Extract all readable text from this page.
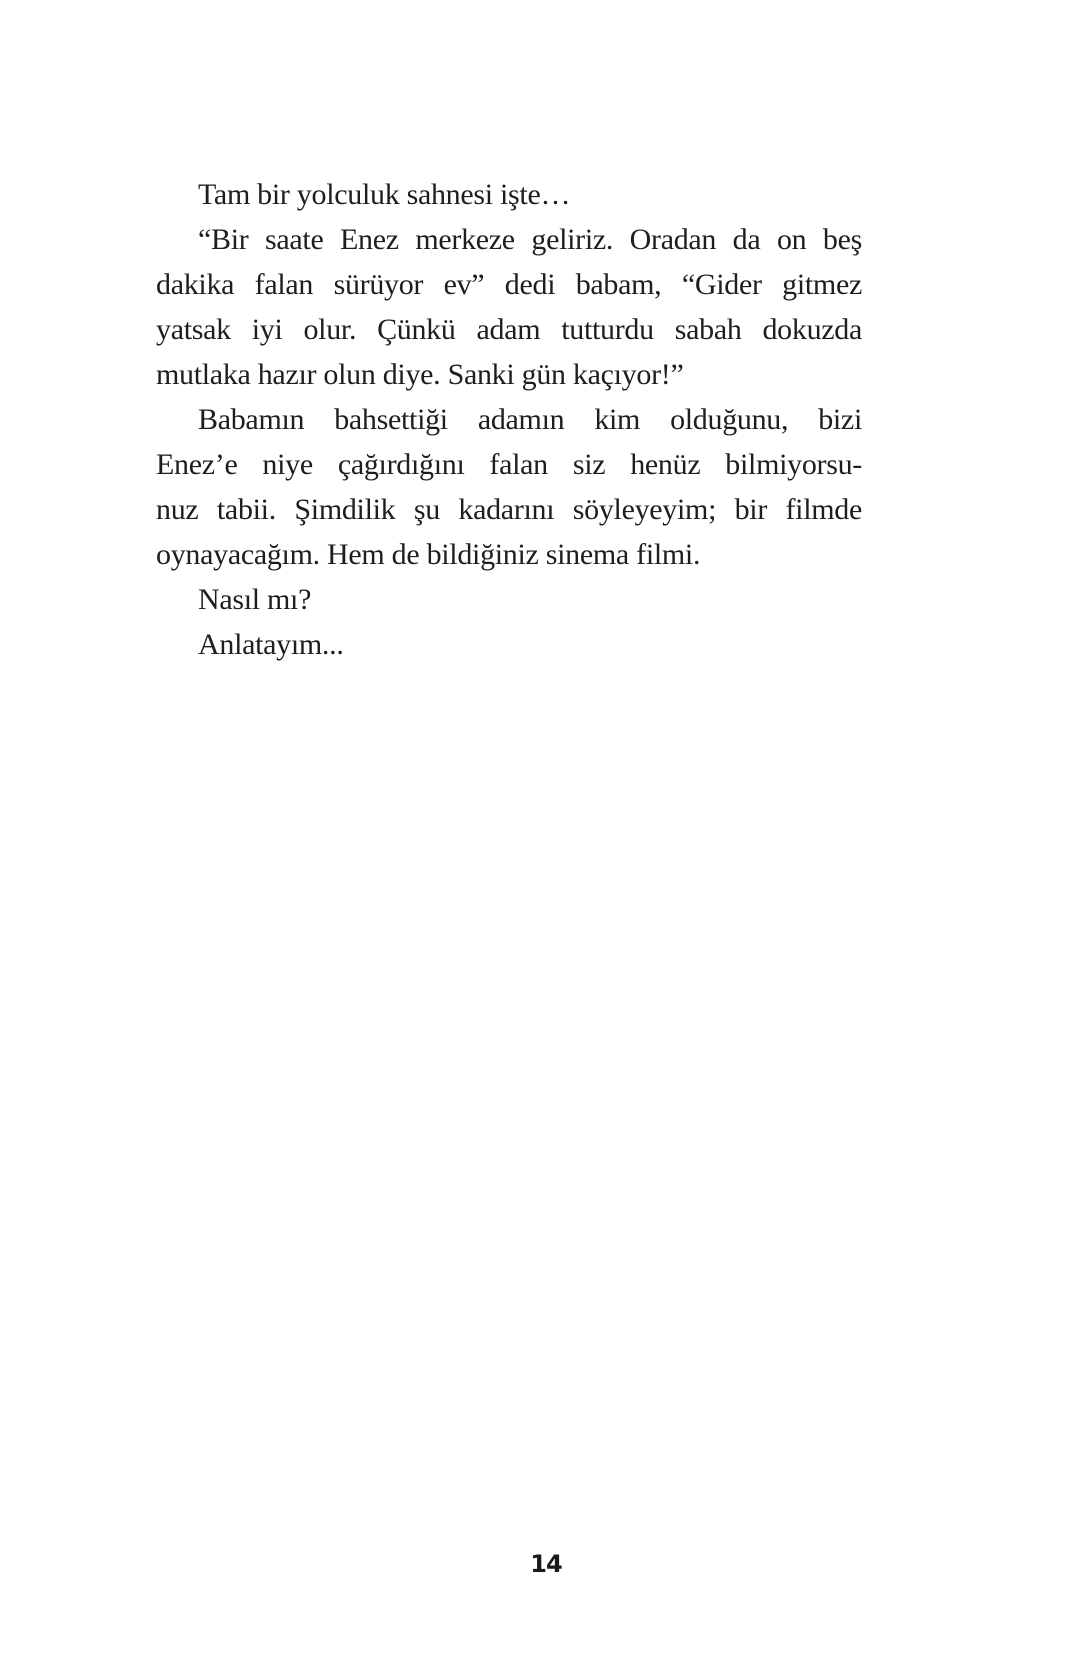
Tam bir yolculuk sahnesi işte…
“Bir saate Enez merkeze geliriz. Oradan da on beş
dakika falan sürüyor ev” dedi babam, “Gider gitmez
yatsak iyi olur. Çünkü adam tutturdu sabah dokuzda
mutlaka hazır olun diye. Sanki gün kaçıyor!”
Babamın bahsettiği adamın kim olduğunu, bizi
Enez’e niye çağırdığını falan siz henüz bilmiyorsu-
nuz tabii. Şimdilik şu kadarını söyleyeyim; bir filmde
oynayacağım. Hem de bildiğiniz sinema filmi.
Nasıl mı?
Anlatayım...
14
